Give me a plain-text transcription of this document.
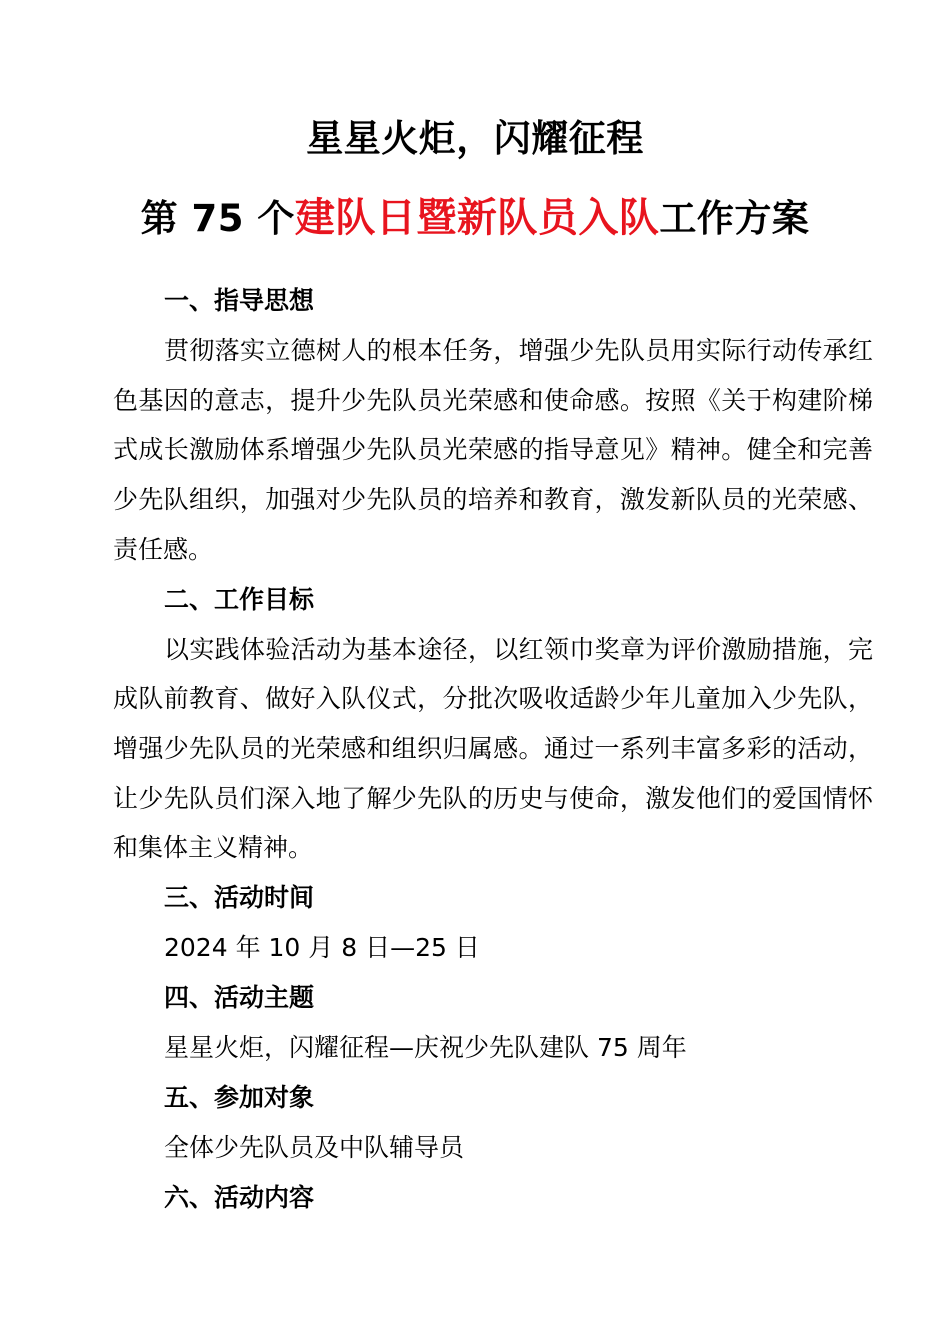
星星火炬，闪耀征程
第 75 个建队日暨新队员入队工作方案
一、指导思想

贯彻落实立德树人的根本任务，增强少先队员用实际行动传承红色基因的意志，提升少先队员光荣感和使命感。按照《关于构建阶梯式成长激励体系增强少先队员光荣感的指导意见》精神。健全和完善少先队组织，加强对少先队员的培养和教育，激发新队员的光荣感、责任感。

二、工作目标

以实践体验活动为基本途径，以红领巾奖章为评价激励措施，完成队前教育、做好入队仪式，分批次吸收适龄少年儿童加入少先队，增强少先队员的光荣感和组织归属感。通过一系列丰富多彩的活动，让少先队员们深入地了解少先队的历史与使命，激发他们的爱国情怀和集体主义精神。

三、活动时间
2024 年 10 月 8 日—25 日
四、活动主题
星星火炬，闪耀征程—庆祝少先队建队 75 周年
五、参加对象
全体少先队员及中队辅导员
六、活动内容
